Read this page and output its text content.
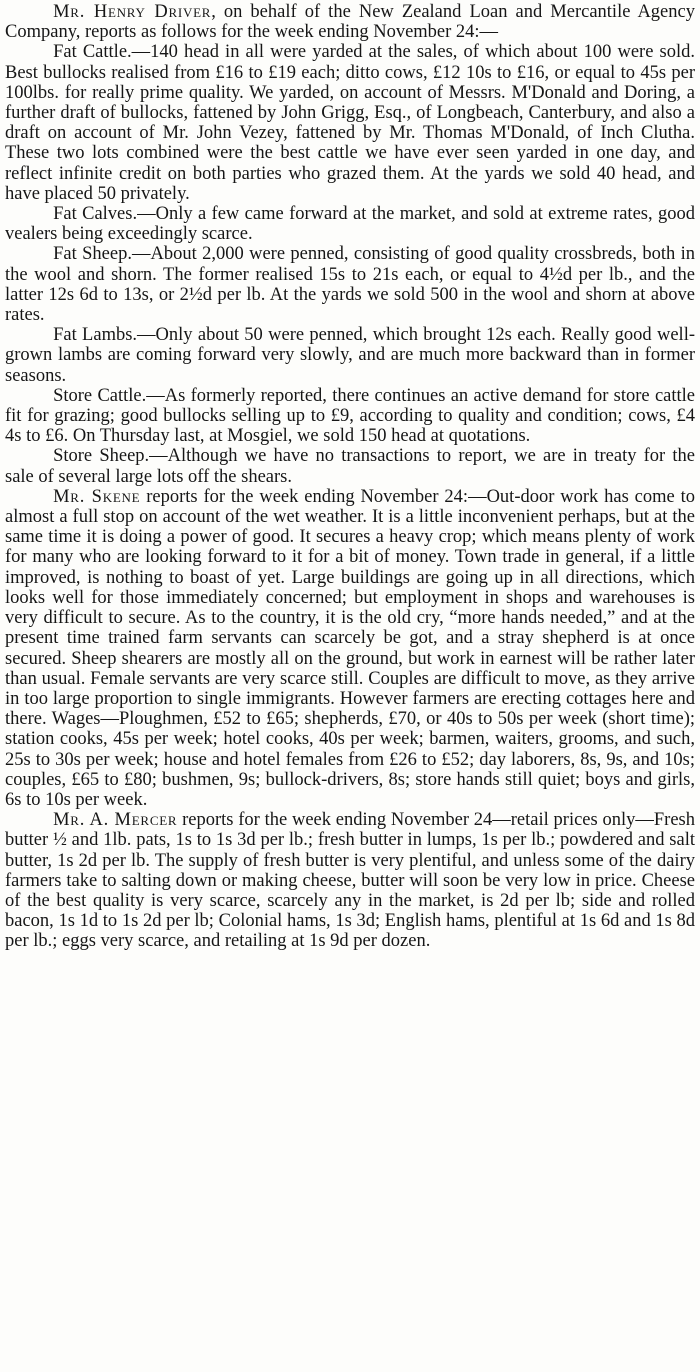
Mr. Henry Driver, on behalf of the New Zealand Loan and Mercantile Agency Company, reports as follows for the week ending November 24:—

Fat Cattle.—140 head in all were yarded at the sales, of which about 100 were sold. Best bullocks realised from £16 to £19 each; ditto cows, £12 10s to £16, or equal to 45s per 100lbs. for really prime quality. We yarded, on account of Messrs. M'Donald and Doring, a further draft of bullocks, fattened by John Grigg, Esq., of Longbeach, Canterbury, and also a draft on account of Mr. John Vezey, fattened by Mr. Thomas M'Donald, of Inch Clutha. These two lots combined were the best cattle we have ever seen yarded in one day, and reflect infinite credit on both parties who grazed them. At the yards we sold 40 head, and have placed 50 privately.

Fat Calves.—Only a few came forward at the market, and sold at extreme rates, good vealers being exceedingly scarce.

Fat Sheep.—About 2,000 were penned, consisting of good quality crossbreds, both in the wool and shorn. The former realised 15s to 21s each, or equal to 4½d per lb., and the latter 12s 6d to 13s, or 2½d per lb. At the yards we sold 500 in the wool and shorn at above rates.

Fat Lambs.—Only about 50 were penned, which brought 12s each. Really good well-grown lambs are coming forward very slowly, and are much more backward than in former seasons.

Store Cattle.—As formerly reported, there continues an active demand for store cattle fit for grazing; good bullocks selling up to £9, according to quality and condition; cows, £4 4s to £6. On Thursday last, at Mosgiel, we sold 150 head at quotations.

Store Sheep.—Although we have no transactions to report, we are in treaty for the sale of several large lots off the shears.

Mr. Skene reports for the week ending November 24:—Out-door work has come to almost a full stop on account of the wet weather. It is a little inconvenient perhaps, but at the same time it is doing a power of good. It secures a heavy crop; which means plenty of work for many who are looking forward to it for a bit of money. Town trade in general, if a little improved, is nothing to boast of yet. Large buildings are going up in all directions, which looks well for those immediately concerned; but employment in shops and warehouses is very difficult to secure. As to the country, it is the old cry, “more hands needed,” and at the present time trained farm servants can scarcely be got, and a stray shepherd is at once secured. Sheep shearers are mostly all on the ground, but work in earnest will be rather later than usual. Female servants are very scarce still. Couples are difficult to move, as they arrive in too large proportion to single immigrants. However farmers are erecting cottages here and there. Wages—Ploughmen, £52 to £65; shepherds, £70, or 40s to 50s per week (short time); station cooks, 45s per week; hotel cooks, 40s per week; barmen, waiters, grooms, and such, 25s to 30s per week; house and hotel females from £26 to £52; day laborers, 8s, 9s, and 10s; couples, £65 to £80; bushmen, 9s; bullock-drivers, 8s; store hands still quiet; boys and girls, 6s to 10s per week.

Mr. A. Mercer reports for the week ending November 24—retail prices only—Fresh butter ½ and 1lb. pats, 1s to 1s 3d per lb.; fresh butter in lumps, 1s per lb.; powdered and salt butter, 1s 2d per lb. The supply of fresh butter is very plentiful, and unless some of the dairy farmers take to salting down or making cheese, butter will soon be very low in price. Cheese of the best quality is very scarce, scarcely any in the market, is 2d per lb; side and rolled bacon, 1s 1d to 1s 2d per lb; Colonial hams, 1s 3d; English hams, plentiful at 1s 6d and 1s 8d per lb.; eggs very scarce, and retailing at 1s 9d per dozen.
